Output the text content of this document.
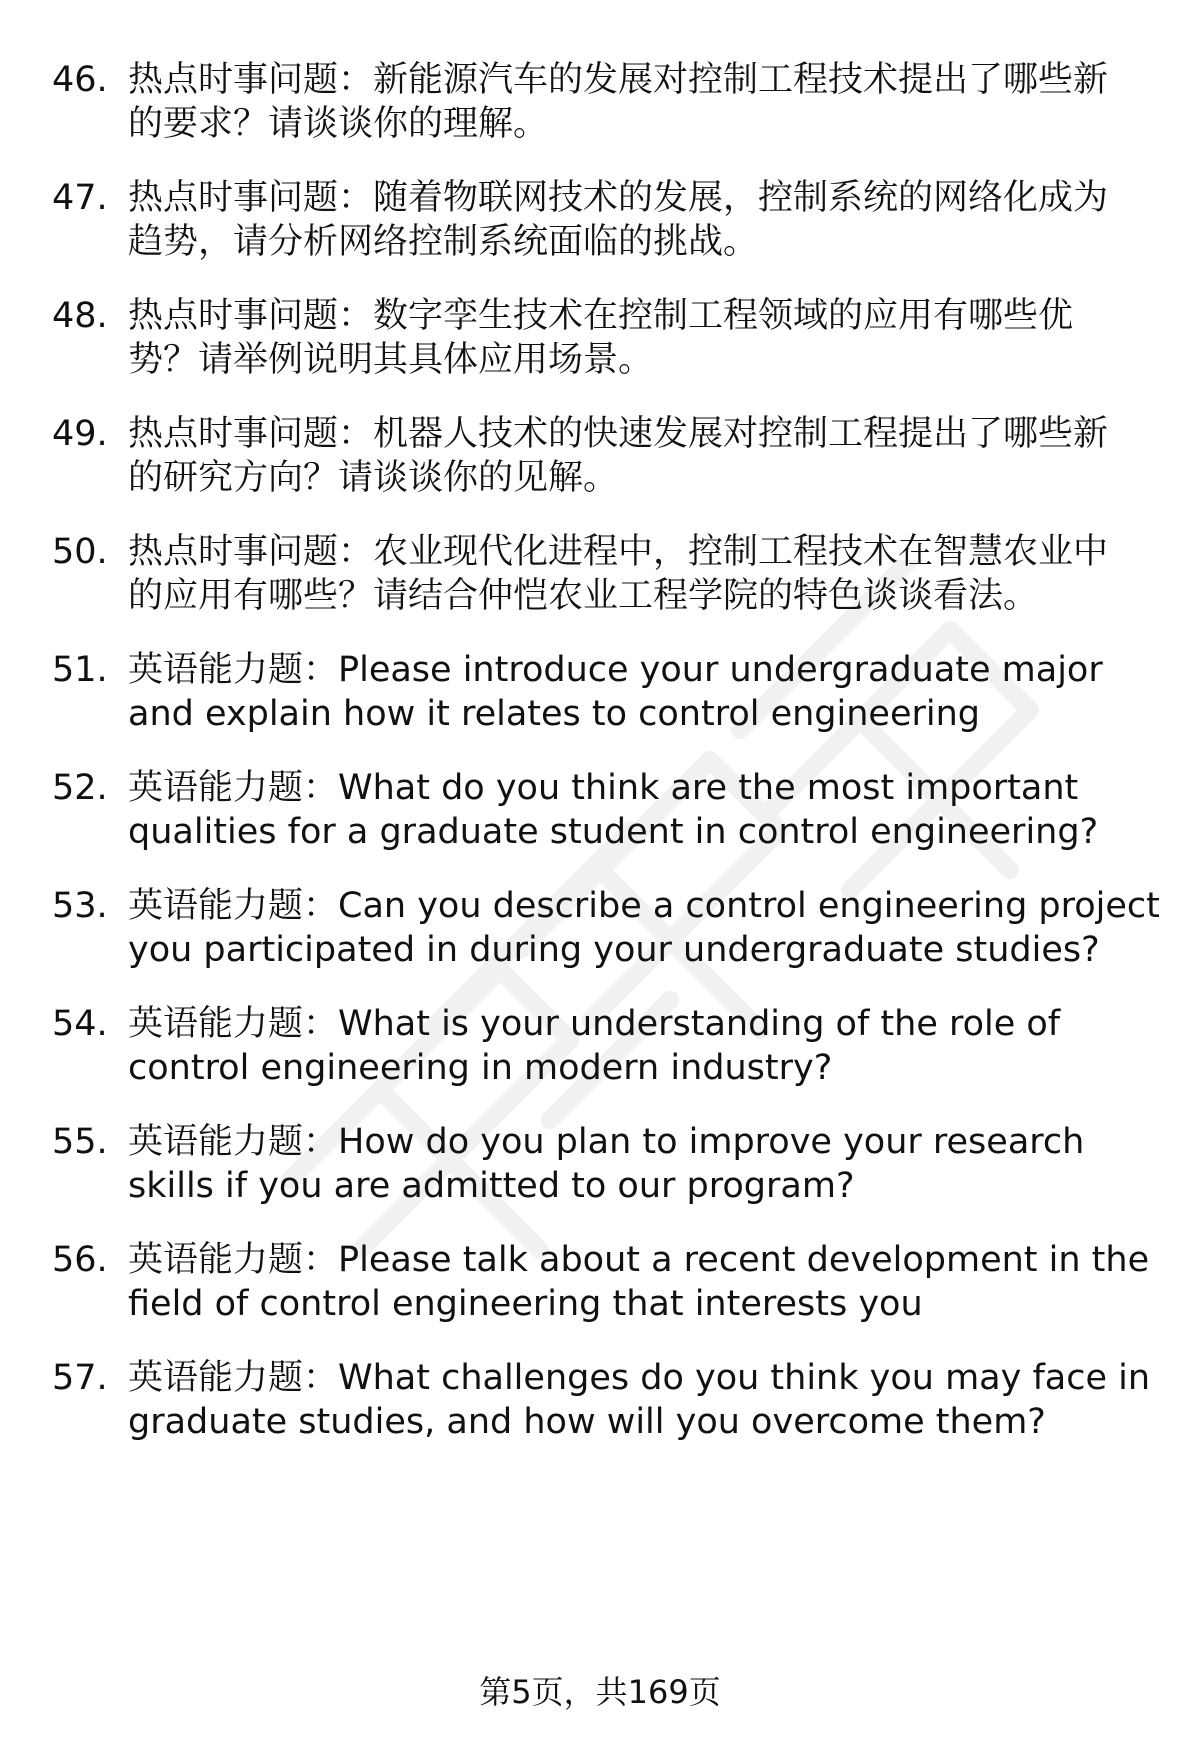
46. 热点时事问题：新能源汽车的发展对控制工程技术提出了哪些新
的要求？请谈谈你的理解。
47. 热点时事问题：随着物联网技术的发展，控制系统的网络化成为
趋势，请分析网络控制系统面临的挑战。
48. 热点时事问题：数字孪生技术在控制工程领域的应用有哪些优
势？请举例说明其具体应用场景。
49. 热点时事问题：机器人技术的快速发展对控制工程提出了哪些新
的研究方向？请谈谈你的见解。
50. 热点时事问题：农业现代化进程中，控制工程技术在智慧农业中
的应用有哪些？请结合仲恺农业工程学院的特色谈谈看法。
51. 英语能力题：Please introduce your undergraduate major
and explain how it relates to control engineering
52. 英语能力题：What do you think are the most important
qualities for a graduate student in control engineering?
53. 英语能力题：Can you describe a control engineering project
you participated in during your undergraduate studies?
54. 英语能力题：What is your understanding of the role of
control engineering in modern industry?
55. 英语能力题：How do you plan to improve your research
skills if you are admitted to our program?
56. 英语能力题：Please talk about a recent development in the
field of control engineering that interests you
57. 英语能力题：What challenges do you think you may face in
graduate studies, and how will you overcome them?
第5页，共169页
